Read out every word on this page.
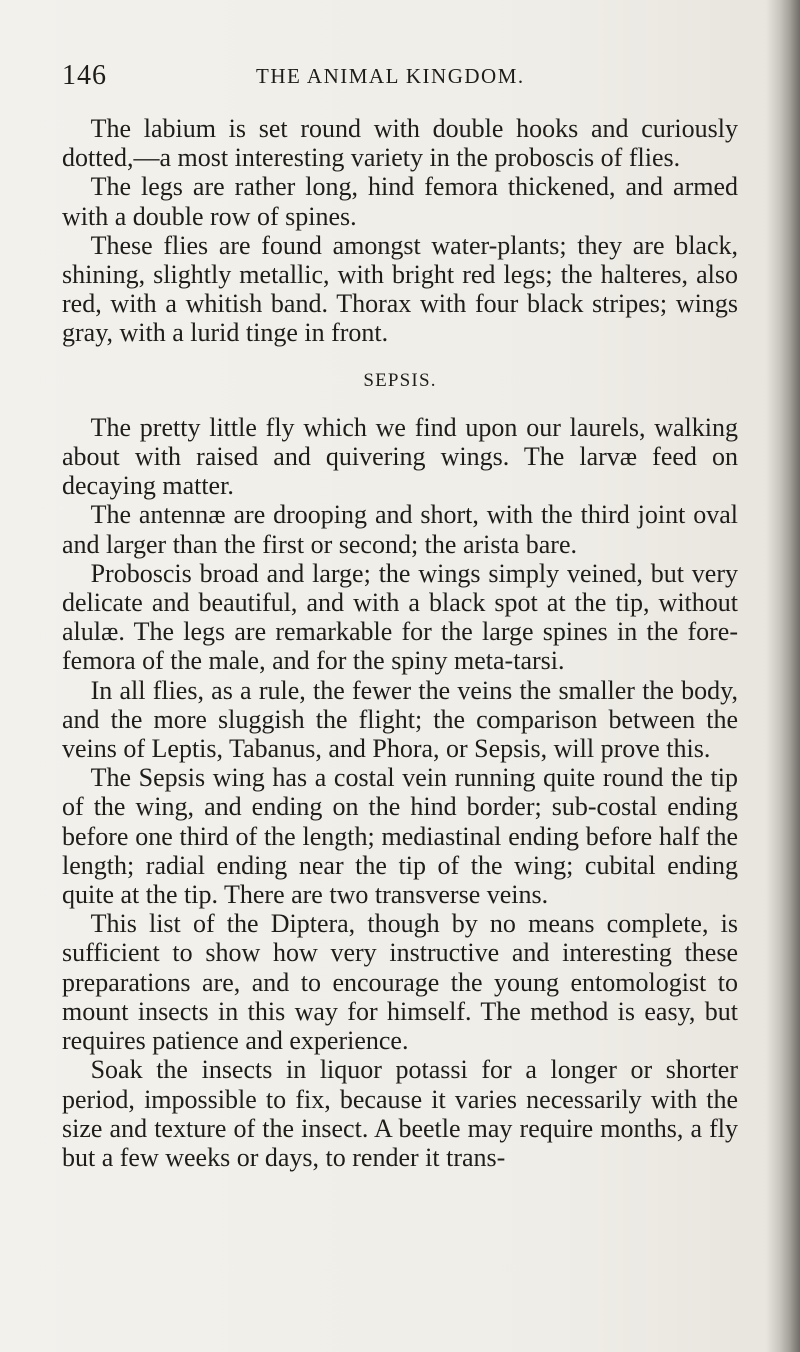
146	THE ANIMAL KINGDOM.

The labium is set round with double hooks and curiously dotted,—a most interesting variety in the proboscis of flies.

The legs are rather long, hind femora thickened, and armed with a double row of spines.

These flies are found amongst water-plants; they are black, shining, slightly metallic, with bright red legs; the halteres, also red, with a whitish band. Thorax with four black stripes; wings gray, with a lurid tinge in front.

SEPSIS.

The pretty little fly which we find upon our laurels, walking about with raised and quivering wings. The larvæ feed on decaying matter.

The antennæ are drooping and short, with the third joint oval and larger than the first or second; the arista bare.

Proboscis broad and large; the wings simply veined, but very delicate and beautiful, and with a black spot at the tip, without alulæ. The legs are remarkable for the large spines in the fore-femora of the male, and for the spiny meta-tarsi.

In all flies, as a rule, the fewer the veins the smaller the body, and the more sluggish the flight; the comparison between the veins of Leptis, Tabanus, and Phora, or Sepsis, will prove this.

The Sepsis wing has a costal vein running quite round the tip of the wing, and ending on the hind border; sub-costal ending before one third of the length; mediastinal ending before half the length; radial ending near the tip of the wing; cubital ending quite at the tip. There are two transverse veins.

This list of the Diptera, though by no means complete, is sufficient to show how very instructive and interesting these preparations are, and to encourage the young entomologist to mount insects in this way for himself. The method is easy, but requires patience and experience.

Soak the insects in liquor potassi for a longer or shorter period, impossible to fix, because it varies necessarily with the size and texture of the insect. A beetle may require months, a fly but a few weeks or days, to render it trans-
